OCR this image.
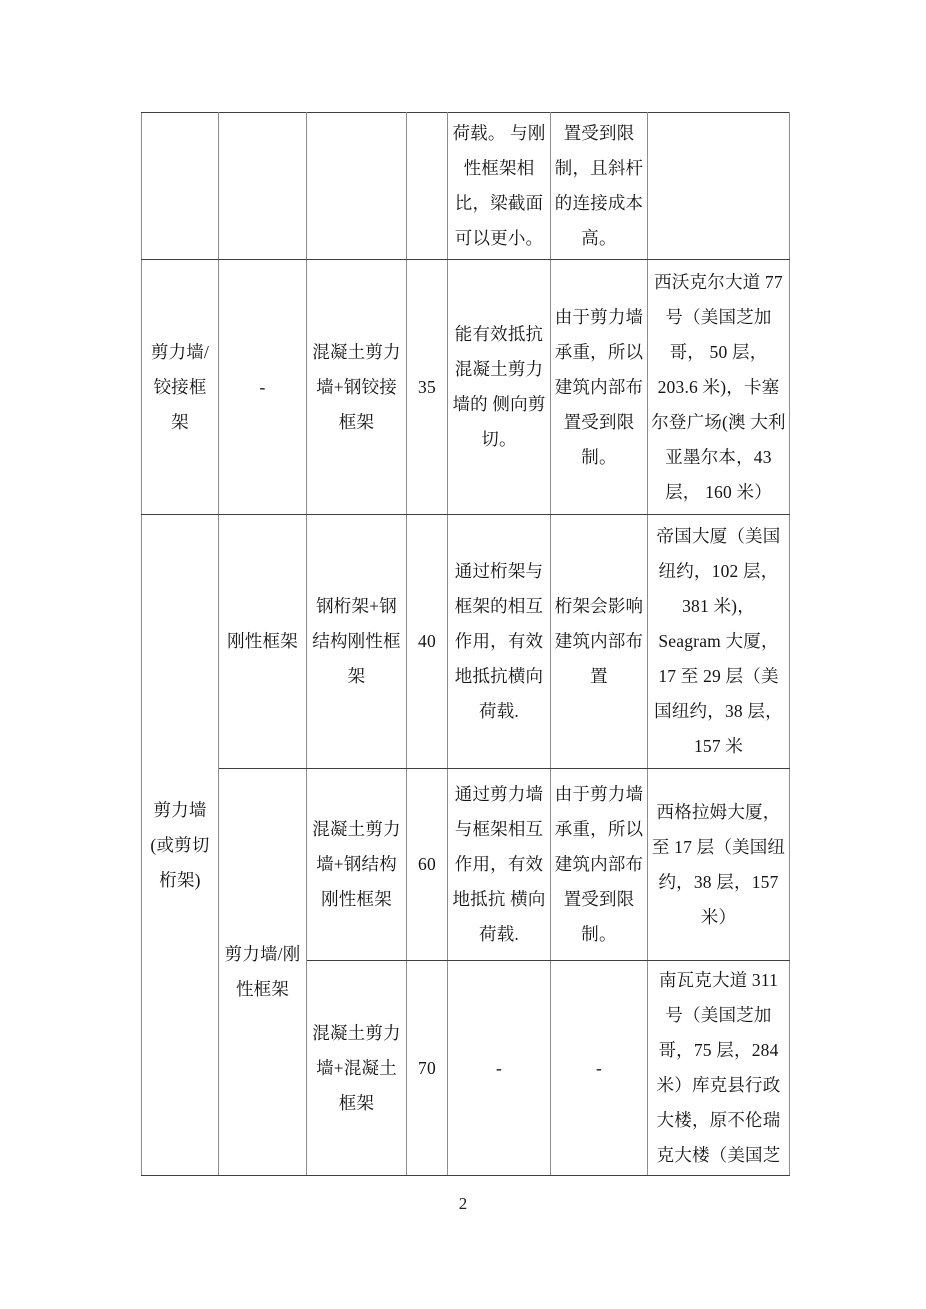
				荷载。 与刚性框架相比，梁截面可以更小。	置受到限制，且斜杆的连接成本高。	
剪力墙/铰接框架	-	混凝土剪力墙+钢铰接框架	35	能有效抵抗混凝土剪力墙的 侧向剪切。	由于剪力墙承重，所以建筑内部布置受到限制。	西沃克尔大道 77 号（美国芝加哥， 50 层，203.6 米)，卡塞尔登广场(澳 大利亚墨尔本，43 层， 160 米）
剪力墙(或剪切桁架)	刚性框架	钢桁架+钢结构刚性框架	40	通过桁架与框架的相互作用，有效地抵抗横向荷载.	桁架会影响建筑内部布置	帝国大厦（美国纽约，102 层，381 米)，Seagram 大厦，17 至 29 层（美国纽约，38 层，157 米
	剪力墙/刚性框架	混凝土剪力墙+钢结构刚性框架	60	通过剪力墙与框架相互作用，有效地抵抗 横向荷载.	由于剪力墙承重，所以建筑内部布置受到限制。	西格拉姆大厦，至 17 层（美国纽约，38 层，157 米）
		混凝土剪力墙+混凝土框架	70	-	-	南瓦克大道 311 号（美国芝加哥，75 层，284 米）库克县行政大楼，原不伦瑞克大楼（美国芝
2
